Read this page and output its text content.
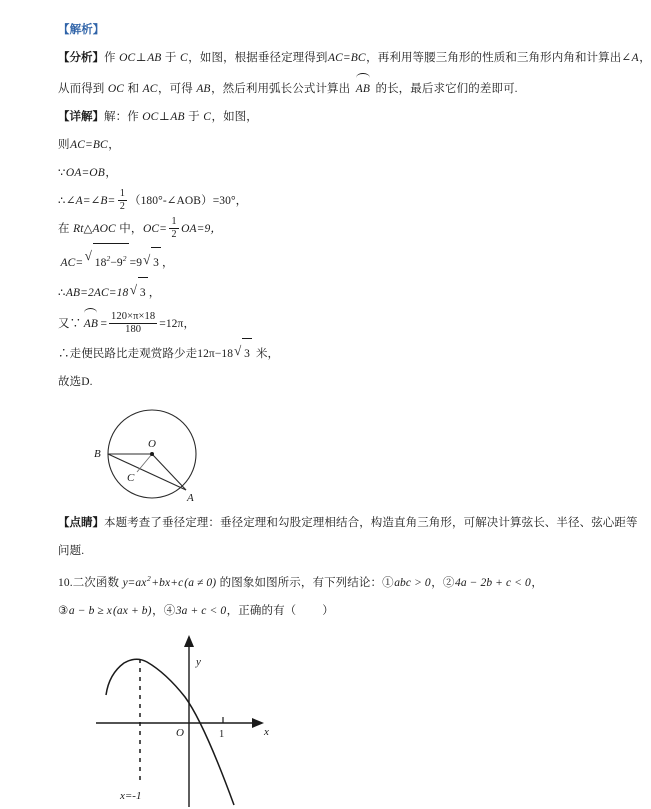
【解析】
【分析】作 OC⊥AB 于 C，如图，根据垂径定理得到AC=BC，再利用等腰三角形的性质和三角形内角和计算出∠A，
从而得到 OC 和 AC，可得 AB，然后利用弧长公式计算出
AB 的长，最后求它们的差即可.
【详解】解：作 OC⊥AB 于 C，如图，
则AC=BC，
∵OA=OB，
∴∠A=∠B= $\frac{1}{2}$ （180°-∠AOB）=30°，
在 Rt△AOC 中，$OC= \frac{1}{2} OA=9$，
AC= √ $18^2-9^2 =9$ √ 3 ，
∴AB=2AC=18 √ 3 ，
又∵ AB = $\frac{120\times\pi\times 18}{180} =12\pi$，
∴走便民路比走观赏路少走12π−18 √ 3 米，
故选D.
O
A
B
C
【点睛】本题考查了垂径定理：垂径定理和勾股定理相结合，构造直角三角形，可解决计算弦长、半径、弦心距等
问题.
10.二次函数 $y=ax^2+bx+c(a \ne 0)$ 的图象如图所示，有下列结论：①abc > 0，②4a − 2b + c < 0，
③a − b ≥ x(ax + b)，④3a + c < 0，正确的有（ ）
y
x
O	1
x=-1
